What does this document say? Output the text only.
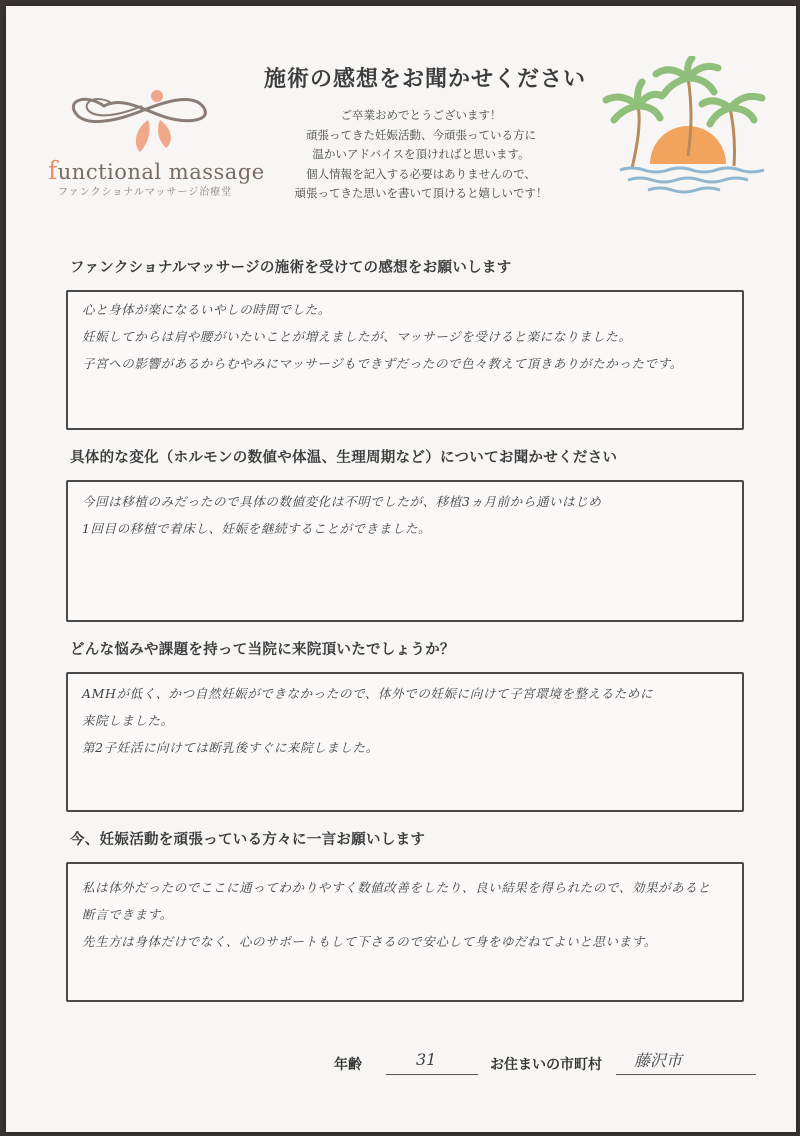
functional massage
ファンクショナルマッサージ治療堂
施術の感想をお聞かせください
ご卒業おめでとうございます！
頑張ってきた妊娠活動、今頑張っている方に
温かいアドバイスを頂ければと思います。
個人情報を記入する必要はありませんので、
頑張ってきた思いを書いて頂けると嬉しいです！
ファンクショナルマッサージの施術を受けての感想をお願いします
心と身体が楽になるいやしの時間でした。
妊娠してからは肩や腰がいたいことが増えましたが、マッサージを受けると楽になりました。
子宮への影響があるからむやみにマッサージもできずだったので色々教えて頂きありがたかったです。
具体的な変化（ホルモンの数値や体温、生理周期など）についてお聞かせください
今回は移植のみだったので具体の数値変化は不明でしたが、移植3ヵ月前から通いはじめ
1回目の移植で着床し、妊娠を継続することができました。
どんな悩みや課題を持って当院に来院頂いたでしょうか？
AMHが低く、かつ自然妊娠ができなかったので、体外での妊娠に向けて子宮環境を整えるために
来院しました。
第2子妊活に向けては断乳後すぐに来院しました。
今、妊娠活動を頑張っている方々に一言お願いします
私は体外だったのでここに通ってわかりやすく数値改善をしたり、良い結果を得られたので、効果があると
断言できます。
先生方は身体だけでなく、心のサポートもして下さるので安心して身をゆだねてよいと思います。
年齢	31	お住まいの市町村 藤沢市
